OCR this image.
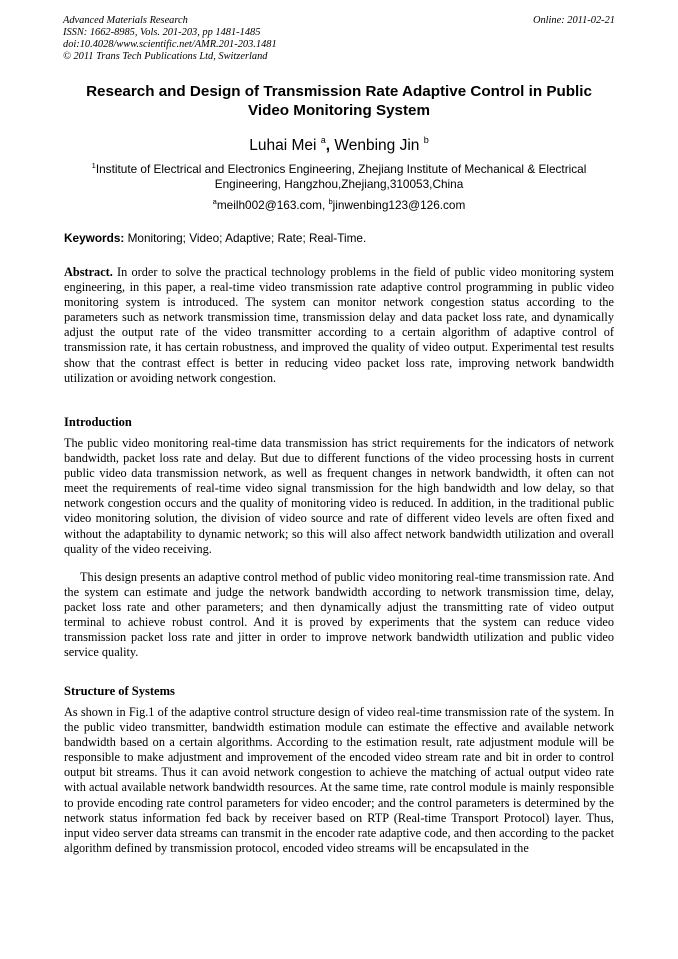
Advanced Materials Research
ISSN: 1662-8985, Vols. 201-203, pp 1481-1485
doi:10.4028/www.scientific.net/AMR.201-203.1481
© 2011 Trans Tech Publications Ltd, Switzerland
Online: 2011-02-21
Research and Design of Transmission Rate Adaptive Control in Public
Video Monitoring System
Luhai Mei $^a$, Wenbing Jin $^b$
$^1$Institute of Electrical and Electronics Engineering, Zhejiang Institute of Mechanical & Electrical
Engineering, Hangzhou,Zhejiang,310053,China
$^a$meilh002@163.com, $^b$jinwenbing123@126.com
Keywords: Monitoring; Video; Adaptive; Rate; Real-Time.
Abstract. In order to solve the practical technology problems in the field of public video monitoring system engineering, in this paper, a real-time video transmission rate adaptive control programming in public video monitoring system is introduced. The system can monitor network congestion status according to the parameters such as network transmission time, transmission delay and data packet loss rate, and dynamically adjust the output rate of the video transmitter according to a certain algorithm of adaptive control of transmission rate, it has certain robustness, and improved the quality of video output. Experimental test results show that the contrast effect is better in reducing video packet loss rate, improving network bandwidth utilization or avoiding network congestion.
Introduction
The public video monitoring real-time data transmission has strict requirements for the indicators of network bandwidth, packet loss rate and delay. But due to different functions of the video processing hosts in current public video data transmission network, as well as frequent changes in network bandwidth, it often can not meet the requirements of real-time video signal transmission for the high bandwidth and low delay, so that network congestion occurs and the quality of monitoring video is reduced. In addition, in the traditional public video monitoring solution, the division of video source and rate of different video levels are often fixed and without the adaptability to dynamic network; so this will also affect network bandwidth utilization and overall quality of the video receiving.
This design presents an adaptive control method of public video monitoring real-time transmission rate. And the system can estimate and judge the network bandwidth according to network transmission time, delay, packet loss rate and other parameters; and then dynamically adjust the transmitting rate of video output terminal to achieve robust control. And it is proved by experiments that the system can reduce video transmission packet loss rate and jitter in order to improve network bandwidth utilization and public video service quality.
Structure of Systems
As shown in Fig.1 of the adaptive control structure design of video real-time transmission rate of the system. In the public video transmitter, bandwidth estimation module can estimate the effective and available network bandwidth based on a certain algorithms. According to the estimation result, rate adjustment module will be responsible to make adjustment and improvement of the encoded video stream rate and bit in order to control output bit streams. Thus it can avoid network congestion to achieve the matching of actual output video rate with actual available network bandwidth resources. At the same time, rate control module is mainly responsible to provide encoding rate control parameters for video encoder; and the control parameters is determined by the network status information fed back by receiver based on RTP (Real-time Transport Protocol) layer. Thus, input video server data streams can transmit in the encoder rate adaptive code, and then according to the packet algorithm defined by transmission protocol, encoded video streams will be encapsulated in the
